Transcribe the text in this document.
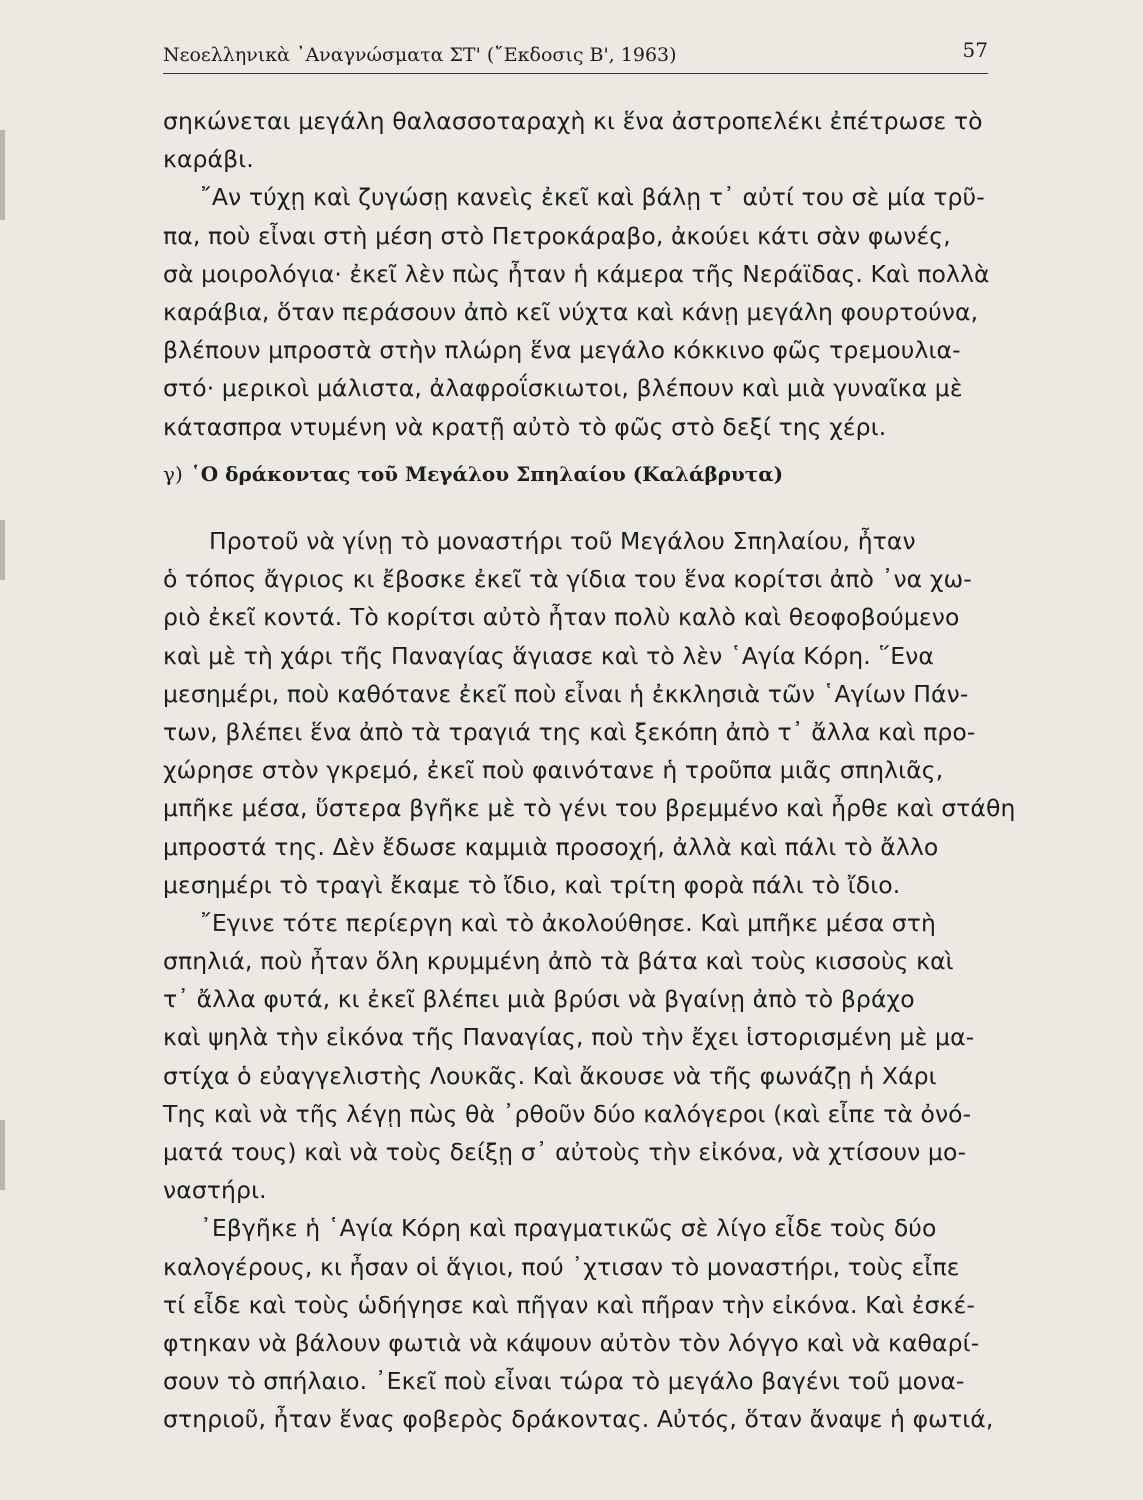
Νεοελληνικὰ ᾿Αναγνώσματα ΣΤ' (῎Εκδοσις Β', 1963)	57
σηκώνεται μεγάλη θαλασσοταραχὴ κι ἕνα ἀστροπελέκι ἐπέτρωσε τὸ
καράβι.
῎Αν τύχῃ καὶ ζυγώσῃ κανεὶς ἐκεῖ καὶ βάλῃ τ᾽ αὐτί του σὲ μία τρῦ-
πα, ποὺ εἶναι στὴ μέση στὸ Πετροκάραβο, ἀκούει κάτι σὰν φωνές,
σὰ μοιρολόγια· ἐκεῖ λὲν πὼς ἦταν ἡ κάμερα τῆς Νεράϊδας. Καὶ πολλὰ
καράβια, ὅταν περάσουν ἀπὸ κεῖ νύχτα καὶ κάνῃ μεγάλη φουρτούνα,
βλέπουν μπροστὰ στὴν πλώρη ἕνα μεγάλο κόκκινο φῶς τρεμουλια-
στό· μερικοὶ μάλιστα, ἀλαφροΐσκιωτοι, βλέπουν καὶ μιὰ γυναῖκα μὲ
κάτασπρα ντυμένη νὰ κρατῇ αὐτὸ τὸ φῶς στὸ δεξί της χέρι.
γ) ῾Ο δράκοντας τοῦ Μεγάλου Σπηλαίου (Καλάβρυτα)
Προτοῦ νὰ γίνῃ τὸ μοναστήρι τοῦ Μεγάλου Σπηλαίου, ἦταν
ὁ τόπος ἄγριος κι ἔβοσκε ἐκεῖ τὰ γίδια του ἕνα κορίτσι ἀπὸ ᾽να χω-
ριὸ ἐκεῖ κοντά. Τὸ κορίτσι αὐτὸ ἦταν πολὺ καλὸ καὶ θεοφοβούμενο
καὶ μὲ τὴ χάρι τῆς Παναγίας ἅγιασε καὶ τὸ λὲν ῾Αγία Κόρη. ῞Ενα
μεσημέρι, ποὺ καθότανε ἐκεῖ ποὺ εἶναι ἡ ἐκκλησιὰ τῶν ῾Αγίων Πάν-
των, βλέπει ἕνα ἀπὸ τὰ τραγιά της καὶ ξεκόπη ἀπὸ τ᾽ ἄλλα καὶ προ-
χώρησε στὸν γκρεμό, ἐκεῖ ποὺ φαινότανε ἡ τροῦπα μιᾶς σπηλιᾶς,
μπῆκε μέσα, ὕστερα βγῆκε μὲ τὸ γένι του βρεμμένο καὶ ἦρθε καὶ στάθη
μπροστά της. Δὲν ἔδωσε καμμιὰ προσοχή, ἀλλὰ καὶ πάλι τὸ ἄλλο
μεσημέρι τὸ τραγὶ ἔκαμε τὸ ἴδιο, καὶ τρίτη φορὰ πάλι τὸ ἴδιο.
῎Εγινε τότε περίεργη καὶ τὸ ἀκολούθησε. Καὶ μπῆκε μέσα στὴ
σπηλιά, ποὺ ἦταν ὅλη κρυμμένη ἀπὸ τὰ βάτα καὶ τοὺς κισσοὺς καὶ
τ᾽ ἄλλα φυτά, κι ἐκεῖ βλέπει μιὰ βρύσι νὰ βγαίνῃ ἀπὸ τὸ βράχο
καὶ ψηλὰ τὴν εἰκόνα τῆς Παναγίας, ποὺ τὴν ἔχει ἱστορισμένη μὲ μα-
στίχα ὁ εὐαγγελιστὴς Λουκᾶς. Καὶ ἄκουσε νὰ τῆς φωνάζῃ ἡ Χάρι
Της καὶ νὰ τῆς λέγῃ πὼς θὰ ᾽ρθοῦν δύο καλόγεροι (καὶ εἶπε τὰ ὀνό-
ματά τους) καὶ νὰ τοὺς δείξῃ σ᾽ αὐτοὺς τὴν εἰκόνα, νὰ χτίσουν μο-
ναστήρι.
᾿Εβγῆκε ἡ ῾Αγία Κόρη καὶ πραγματικῶς σὲ λίγο εἶδε τοὺς δύο
καλογέρους, κι ἦσαν οἱ ἅγιοι, πού ᾽χτισαν τὸ μοναστήρι, τοὺς εἶπε
τί εἶδε καὶ τοὺς ὡδήγησε καὶ πῆγαν καὶ πῆραν τὴν εἰκόνα. Καὶ ἐσκέ-
φτηκαν νὰ βάλουν φωτιὰ νὰ κάψουν αὐτὸν τὸν λόγγο καὶ νὰ καθαρί-
σουν τὸ σπήλαιο. ᾿Εκεῖ ποὺ εἶναι τώρα τὸ μεγάλο βαγένι τοῦ μονα-
στηριοῦ, ἦταν ἕνας φοβερὸς δράκοντας. Αὐτός, ὅταν ἄναψε ἡ φωτιά,
